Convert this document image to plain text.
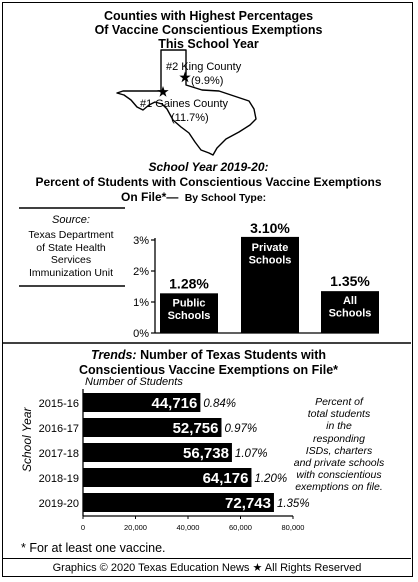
Counties with Highest Percentages
Of Vaccine Conscientious Exemptions
This School Year
#2 King County
(9.9%)
#1 Gaines County
(11.7%)
School Year 2019-20:
Percent of Students with Conscientious Vaccine Exemptions
On File*— By School Type:
Source:
Texas Department
of State Health
Services
Immunization Unit
0%
1%
2%
3%
1.28%
Public
Schools
3.10%
Private
Schools
1.35%
All
Schools
Trends: Number of Texas Students with
Conscientious Vaccine Exemptions on File*
Number of Students
School Year
0	20,000	40,000	60,000	80,000
2015-16	44,716 0.84%
2016-17	52,756 0.97%
2017-18	56,738 1.07%
2018-19	64,176 1.20%
2019-20	72,743 1.35%
Percent of
total students
in the
responding
ISDs, charters
and private schools
with conscientious
exemptions on file.
* For at least one vaccine.
Graphics © 2020 Texas Education News ★ All Rights Reserved
